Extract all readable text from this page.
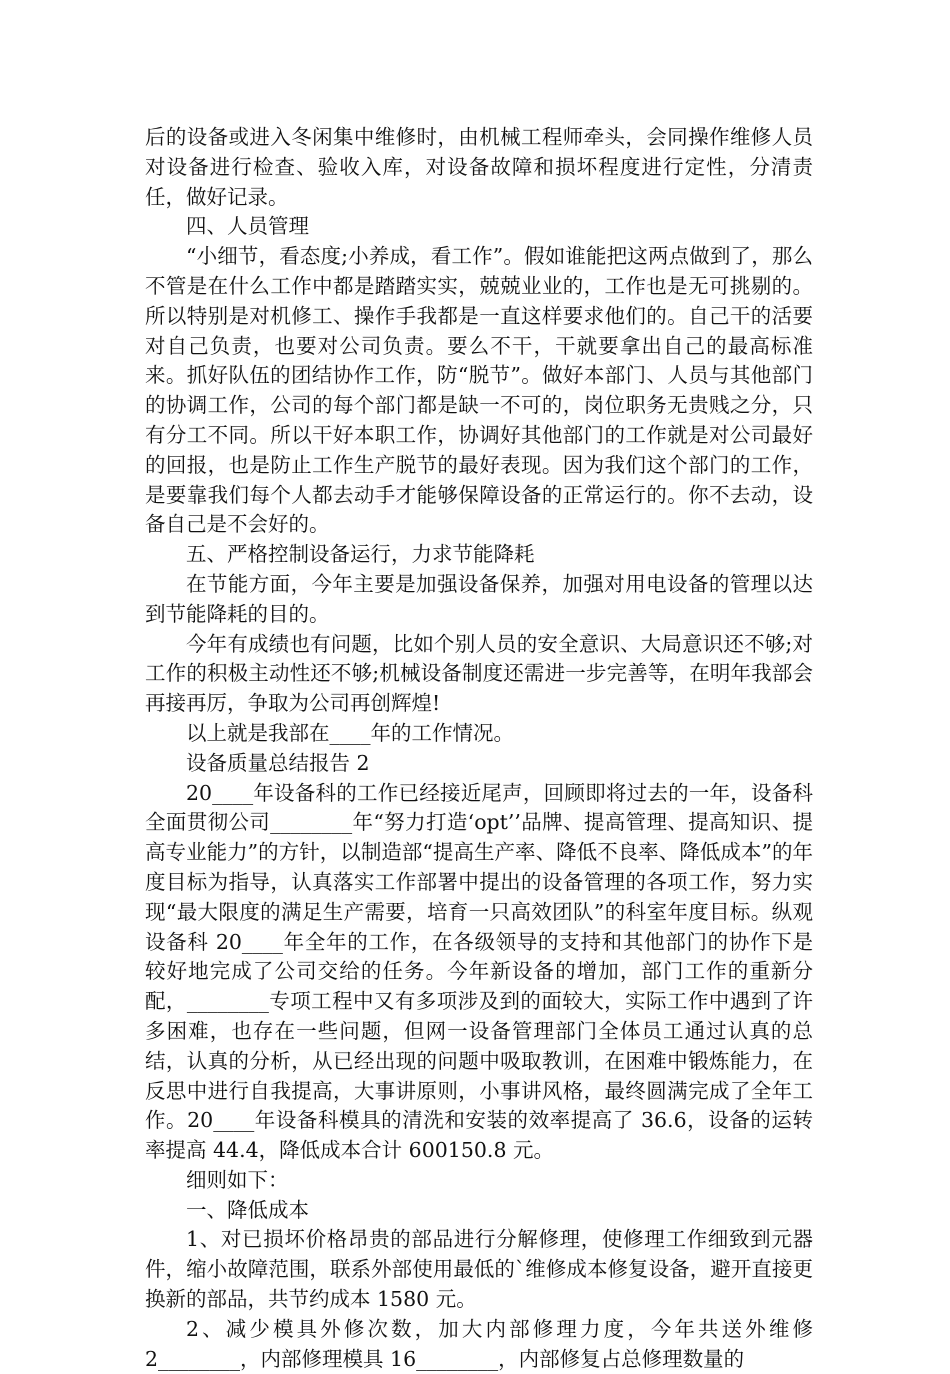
后的设备或进入冬闲集中维修时，由机械工程师牵头，会同操作维修人员对设备进行检查、验收入库，对设备故障和损坏程度进行定性，分清责任，做好记录。

四、人员管理

“小细节，看态度;小养成，看工作”。假如谁能把这两点做到了，那么不管是在什么工作中都是踏踏实实，兢兢业业的，工作也是无可挑剔的。所以特别是对机修工、操作手我都是一直这样要求他们的。自己干的活要对自己负责，也要对公司负责。要么不干，干就要拿出自己的最高标准来。抓好队伍的团结协作工作，防“脱节”。做好本部门、人员与其他部门的协调工作，公司的每个部门都是缺一不可的，岗位职务无贵贱之分，只有分工不同。所以干好本职工作，协调好其他部门的工作就是对公司最好的回报，也是防止工作生产脱节的最好表现。因为我们这个部门的工作，是要靠我们每个人都去动手才能够保障设备的正常运行的。你不去动，设备自己是不会好的。

五、严格控制设备运行，力求节能降耗

在节能方面，今年主要是加强设备保养，加强对用电设备的管理以达到节能降耗的目的。

今年有成绩也有问题，比如个别人员的安全意识、大局意识还不够;对工作的积极主动性还不够;机械设备制度还需进一步完善等，在明年我部会再接再厉，争取为公司再创辉煌!

以上就是我部在____年的工作情况。

设备质量总结报告 2

20____年设备科的工作已经接近尾声，回顾即将过去的一年，设备科全面贯彻公司________年“努力打造‘opt’’品牌、提高管理、提高知识、提高专业能力”的方针，以制造部“提高生产率、降低不良率、降低成本”的年度目标为指导，认真落实工作部署中提出的设备管理的各项工作，努力实现“最大限度的满足生产需要，培育一只高效团队”的科室年度目标。纵观设备科 20____年全年的工作，在各级领导的支持和其他部门的协作下是较好地完成了公司交给的任务。今年新设备的增加，部门工作的重新分配，________专项工程中又有多项涉及到的面较大，实际工作中遇到了许多困难，也存在一些问题，但网一设备管理部门全体员工通过认真的总结，认真的分析，从已经出现的问题中吸取教训，在困难中锻炼能力，在反思中进行自我提高，大事讲原则，小事讲风格，最终圆满完成了全年工作。20____年设备科模具的清洗和安装的效率提高了 36.6，设备的运转率提高 44.4，降低成本合计 600150.8 元。

细则如下：

一、降低成本

1、对已损坏价格昂贵的部品进行分解修理，使修理工作细致到元器件，缩小故障范围，联系外部使用最低的`维修成本修复设备，避开直接更换新的部品，共节约成本 1580 元。

2、减少模具外修次数，加大内部修理力度，今年共送外维修 2________，内部修理模具 16________，内部修复占总修理数量的
